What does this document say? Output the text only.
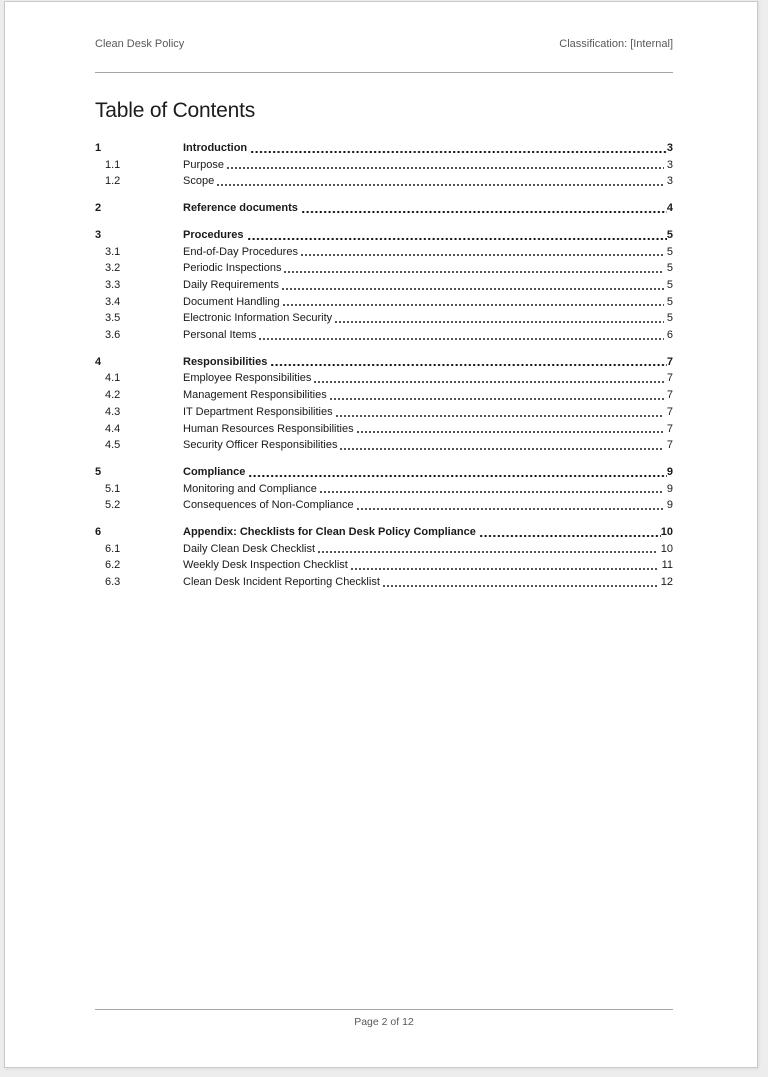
Clean Desk Policy	Classification: [Internal]
Table of Contents
1	Introduction	3
1.1	Purpose	3
1.2	Scope	3
2	Reference documents	4
3	Procedures	5
3.1	End-of-Day Procedures	5
3.2	Periodic Inspections	5
3.3	Daily Requirements	5
3.4	Document Handling	5
3.5	Electronic Information Security	5
3.6	Personal Items	6
4	Responsibilities	7
4.1	Employee Responsibilities	7
4.2	Management Responsibilities	7
4.3	IT Department Responsibilities	7
4.4	Human Resources Responsibilities	7
4.5	Security Officer Responsibilities	7
5	Compliance	9
5.1	Monitoring and Compliance	9
5.2	Consequences of Non-Compliance	9
6	Appendix: Checklists for Clean Desk Policy Compliance	10
6.1	Daily Clean Desk Checklist	10
6.2	Weekly Desk Inspection Checklist	11
6.3	Clean Desk Incident Reporting Checklist	12
Page 2 of 12
